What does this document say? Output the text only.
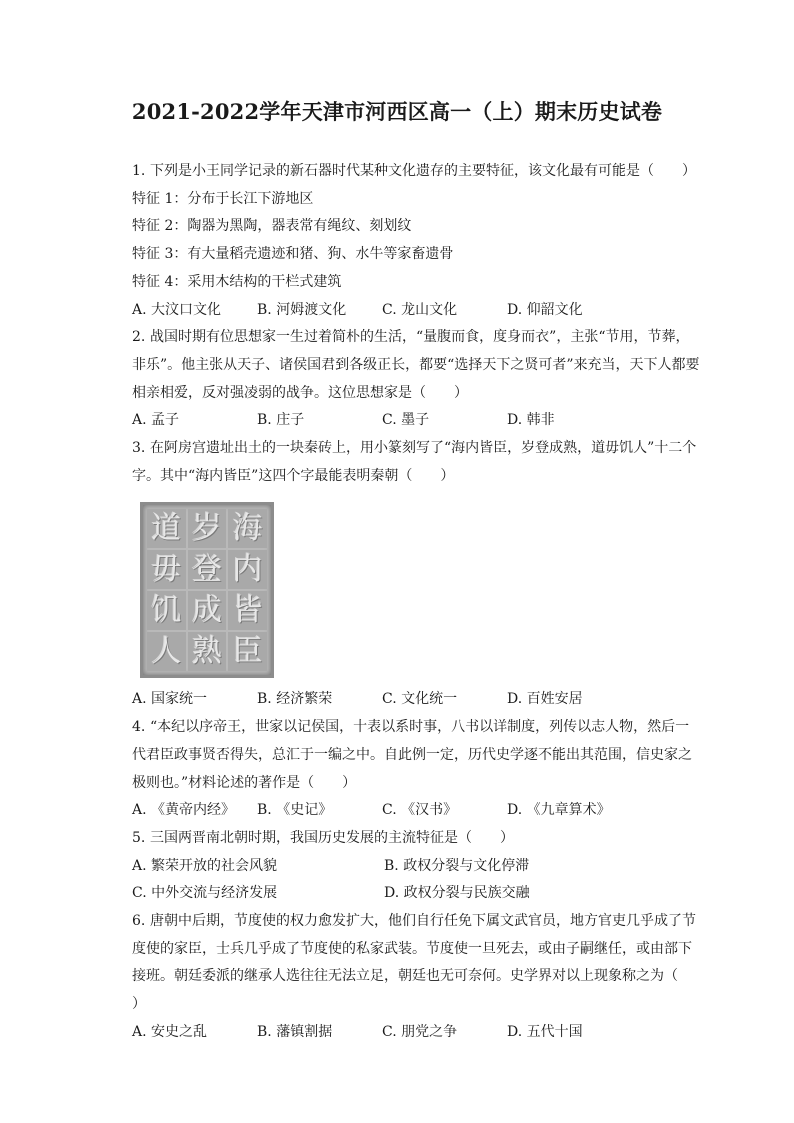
2021-2022学年天津市河西区高一（上）期末历史试卷
1. 下列是小王同学记录的新石器时代某种文化遗存的主要特征，该文化最有可能是（　　）
特征 1：分布于长江下游地区
特征 2：陶器为黑陶，器表常有绳纹、刻划纹
特征 3：有大量稻壳遗迹和猪、狗、水牛等家畜遗骨
特征 4：采用木结构的干栏式建筑
A. 大汶口文化	B. 河姆渡文化	C. 龙山文化	D. 仰韶文化
2. 战国时期有位思想家一生过着简朴的生活，“量腹而食，度身而衣”，主张“节用，节葬，非乐”。他主张从天子、诸侯国君到各级正长，都要“选择天下之贤可者”来充当，天下人都要相亲相爱，反对强凌弱的战争。这位思想家是（　　）
A. 孟子	B. 庄子	C. 墨子	D. 韩非
3. 在阿房宫遗址出土的一块秦砖上，用小篆刻写了“海内皆臣，岁登成熟，道毋饥人”十二个字。其中“海内皆臣”这四个字最能表明秦朝（　　）
道 岁 海
毋 登 内
饥 成 皆
人 熟 臣
A. 国家统一	B. 经济繁荣	C. 文化统一	D. 百姓安居
4. “本纪以序帝王，世家以记侯国，十表以系时事，八书以详制度，列传以志人物，然后一代君臣政事贤否得失，总汇于一编之中。自此例一定，历代史学逐不能出其范围，信史家之极则也。”材料论述的著作是（　　）
A. 《黄帝内经》	B. 《史记》	C. 《汉书》	D. 《九章算术》
5. 三国两晋南北朝时期，我国历史发展的主流特征是（　　）
A. 繁荣开放的社会风貌	B. 政权分裂与文化停滞
C. 中外交流与经济发展	D. 政权分裂与民族交融
6. 唐朝中后期，节度使的权力愈发扩大，他们自行任免下属文武官员，地方官吏几乎成了节度使的家臣，士兵几乎成了节度使的私家武装。节度使一旦死去，或由子嗣继任，或由部下接班。朝廷委派的继承人选往往无法立足，朝廷也无可奈何。史学界对以上现象称之为（　　）
A. 安史之乱	B. 藩镇割据	C. 朋党之争	D. 五代十国
